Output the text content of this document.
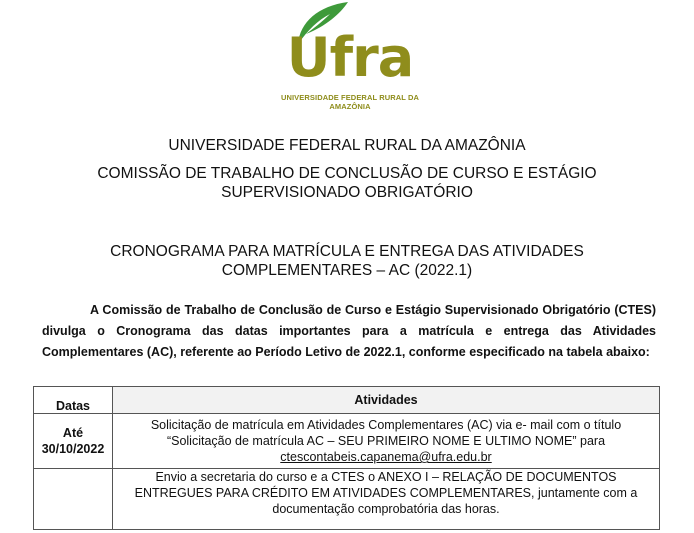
Ufra
UNIVERSIDADE FEDERAL RURAL DA AMAZÔNIA
UNIVERSIDADE FEDERAL RURAL DA AMAZÔNIA
COMISSÃO DE TRABALHO DE CONCLUSÃO DE CURSO E ESTÁGIO
SUPERVISIONADO OBRIGATÓRIO
CRONOGRAMA PARA MATRÍCULA E ENTREGA DAS ATIVIDADES
COMPLEMENTARES – AC (2022.1)

A Comissão de Trabalho de Conclusão de Curso e Estágio Supervisionado Obrigatório (CTES) divulga o Cronograma das datas importantes para a matrícula e entrega das Atividades Complementares (AC), referente ao Período Letivo de 2022.1, conforme especificado na tabela abaixo:

Datas	Atividades
Até
30/10/2022	Solicitação de matrícula em Atividades Complementares (AC) via e- mail com o título “Solicitação de matrícula AC – SEU PRIMEIRO NOME E ULTIMO NOME” para
ctescontabeis.capanema@ufra.edu.br
	Envio a secretaria do curso e a CTES o ANEXO I – RELAÇÃO DE DOCUMENTOS ENTREGUES PARA CRÉDITO EM ATIVIDADES COMPLEMENTARES, juntamente com a documentação comprobatória das horas.
